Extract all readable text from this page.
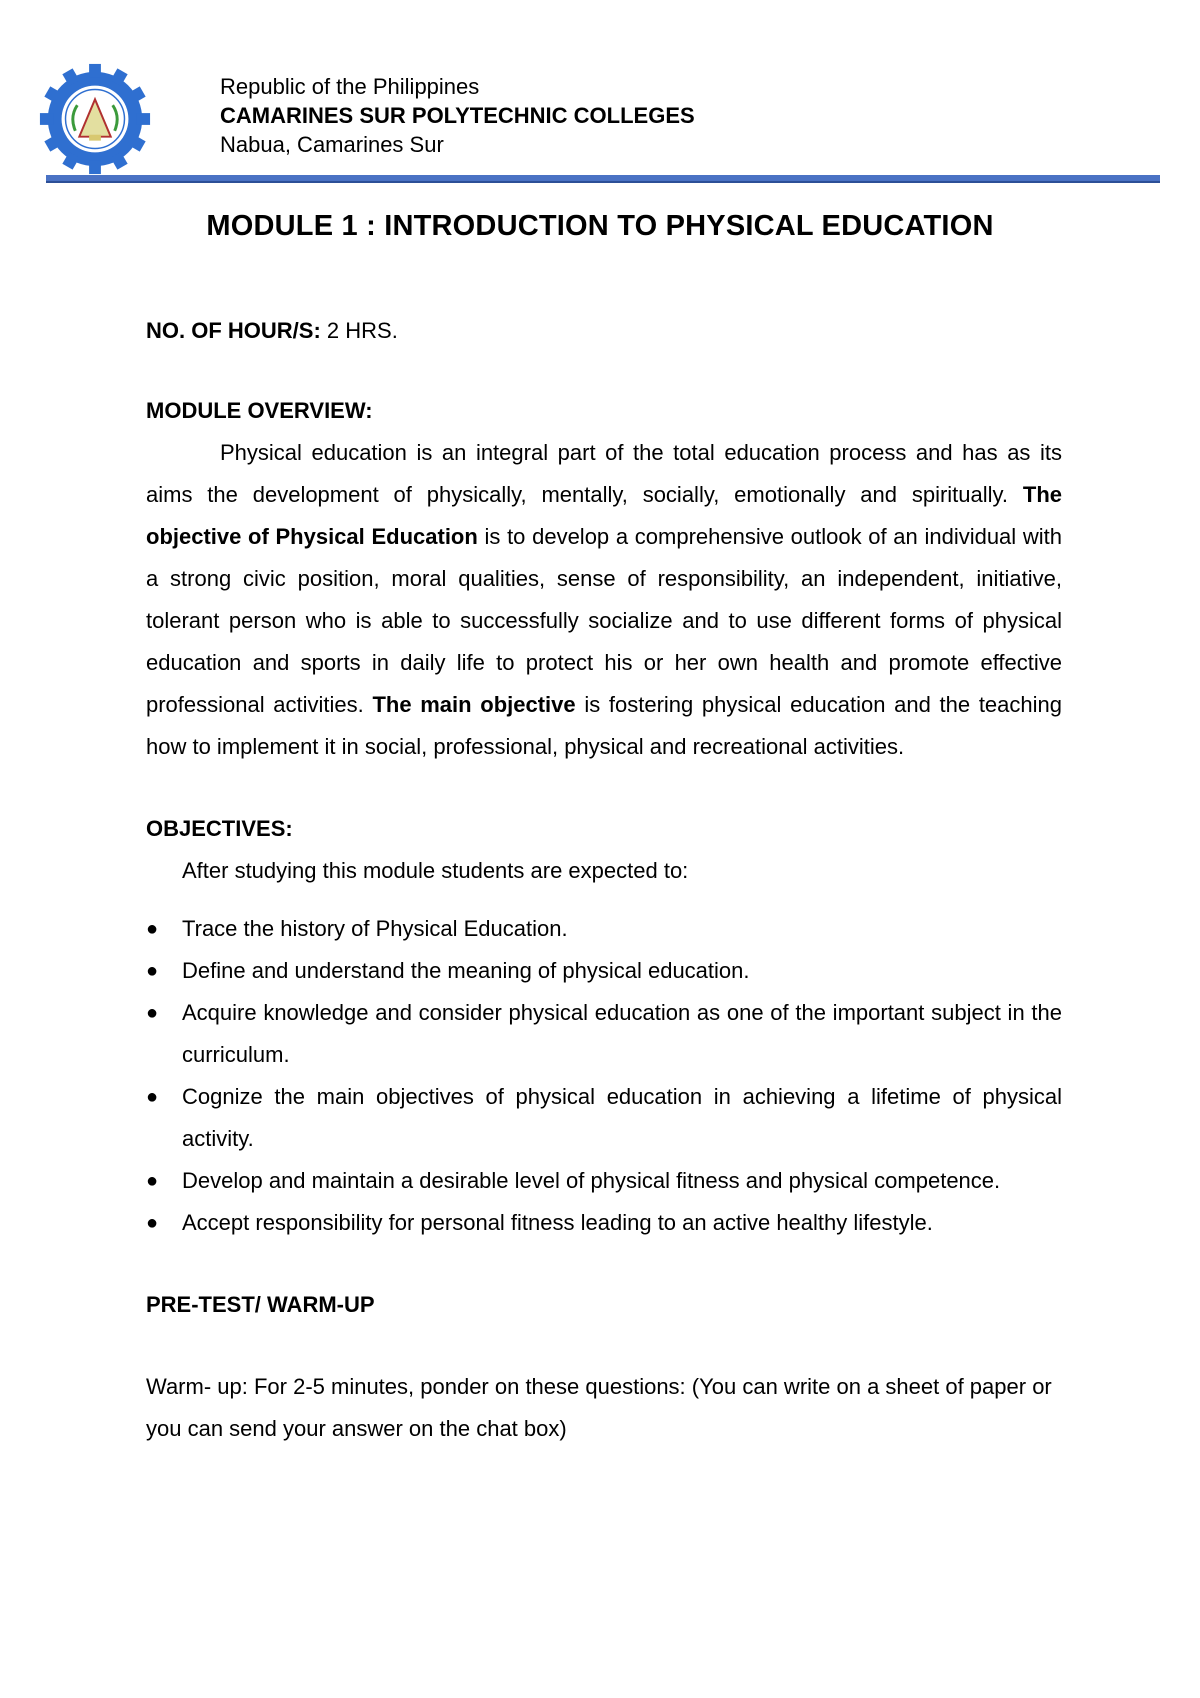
Republic of the Philippines
CAMARINES SUR POLYTECHNIC COLLEGES
Nabua, Camarines Sur
MODULE 1 : INTRODUCTION TO PHYSICAL EDUCATION

NO. OF HOUR/S: 2 HRS.

MODULE OVERVIEW:

Physical education is an integral part of the total education process and has as its aims the development of physically, mentally, socially, emotionally and spiritually. The objective of Physical Education is to develop a comprehensive outlook of an individual with a strong civic position, moral qualities, sense of responsibility, an independent, initiative, tolerant person who is able to successfully socialize and to use different forms of physical education and sports in daily life to protect his or her own health and promote effective professional activities. The main objective is fostering physical education and the teaching how to implement it in social, professional, physical and recreational activities.

OBJECTIVES:

After studying this module students are expected to:

●	Trace the history of Physical Education.
●	Define and understand the meaning of physical education.
●	Acquire knowledge and consider physical education as one of the important subject in the curriculum.
●	Cognize the main objectives of physical education in achieving a lifetime of physical activity.
●	Develop and maintain a desirable level of physical fitness and physical competence.
●	Accept responsibility for personal fitness leading to an active healthy lifestyle.

PRE-TEST/ WARM-UP

Warm- up: For 2-5 minutes, ponder on these questions: (You can write on a sheet of paper or you can send your answer on the chat box)
